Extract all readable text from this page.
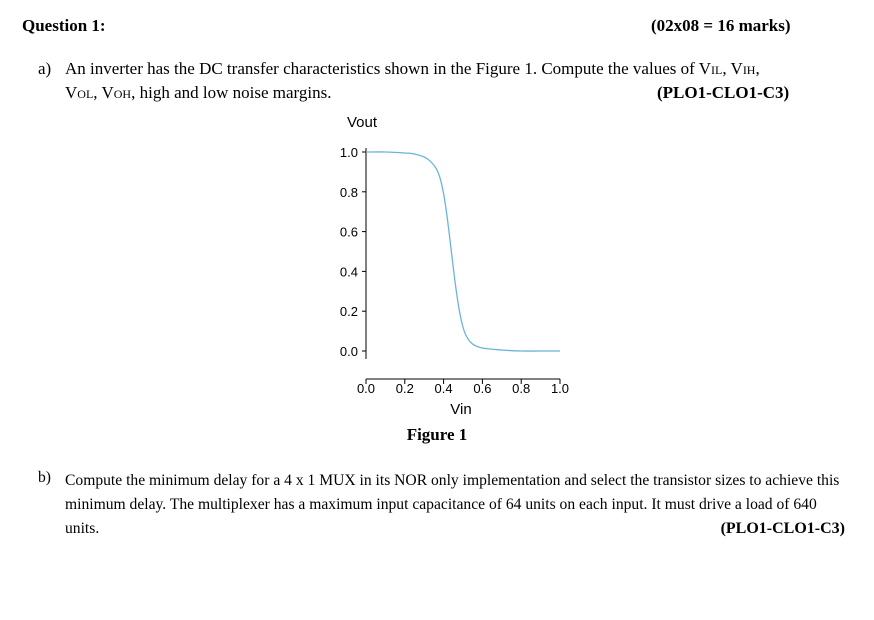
Question 1:	(02x08 = 16 marks)
a) An inverter has the DC transfer characteristics shown in the Figure 1. Compute the values of VIL, VIH,
VOL, VOH, high and low noise margins.	(PLO1-CLO1-C3)
0.0
0.2
0.4
0.6
0.8
1.0
0.0 0.2 0.4 0.6 0.8 1.0
Vout
Vin
Figure 1
b) Compute the minimum delay for a 4 x 1 MUX in its NOR only implementation and select the transistor sizes to achieve this minimum delay. The multiplexer has a maximum input capacitance of 64 units on each input. It must drive a load of 640 units.	(PLO1-CLO1-C3)
